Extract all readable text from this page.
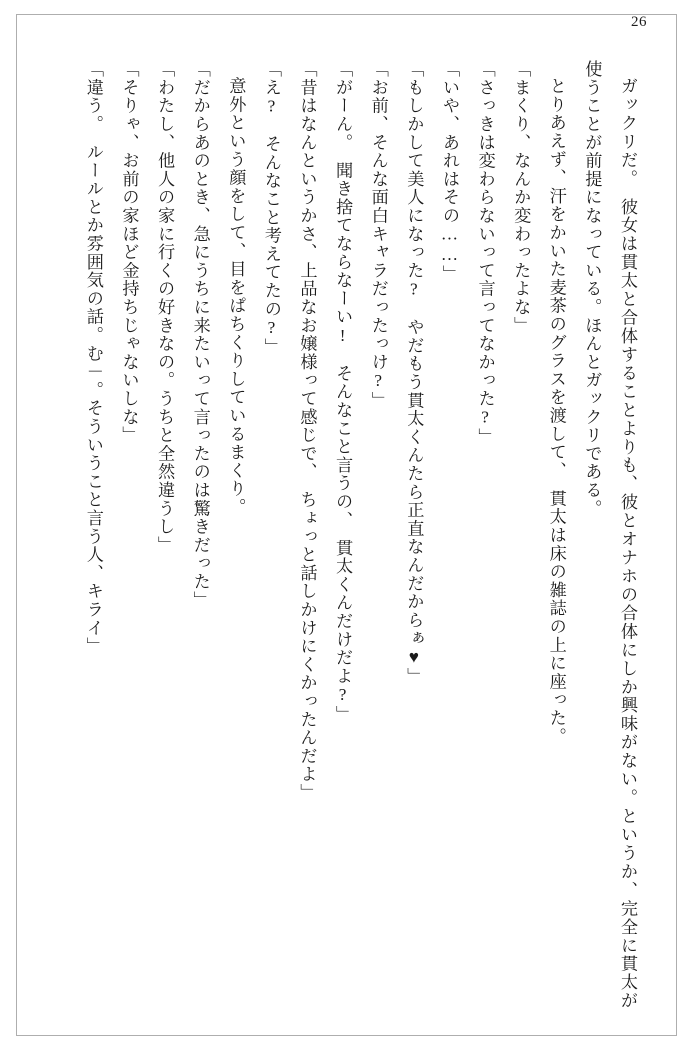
26

ガックリだ。　彼女は貫太と合体することよりも、彼とオナホの合体にしか興味がない。というか、完全に貫太が使うことが前提になっている。ほんとガックリである。

とりあえず、汗をかいた麦茶のグラスを渡して、　貫太は床の雑誌の上に座った。

「まくり、なんか変わったよな」

「さっきは変わらないって言ってなかった?」

「いや、あれはその……」

「もしかして美人になった?　やだもう貫太くんたら正直なんだからぁ♥」

「お前、そんな面白キャラだったっけ?」

「がーん。　聞き捨てならなーい!　そんなこと言うの、　貫太くんだけだよ?」

「昔はなんというかさ、上品なお嬢様って感じで、　ちょっと話しかけにくかったんだよ」

「え?　そんなこと考えてたの?」

意外という顔をして、目をぱちくりしているまくり。

「だからあのとき、急にうちに来たいって言ったのは驚きだった」

「わたし、他人の家に行くの好きなの。うちと全然違うし」

「そりゃ、お前の家ほど金持ちじゃないしな」

「違う。　ルールとか雰囲気の話。む－。そういうこと言う人、キライ」
